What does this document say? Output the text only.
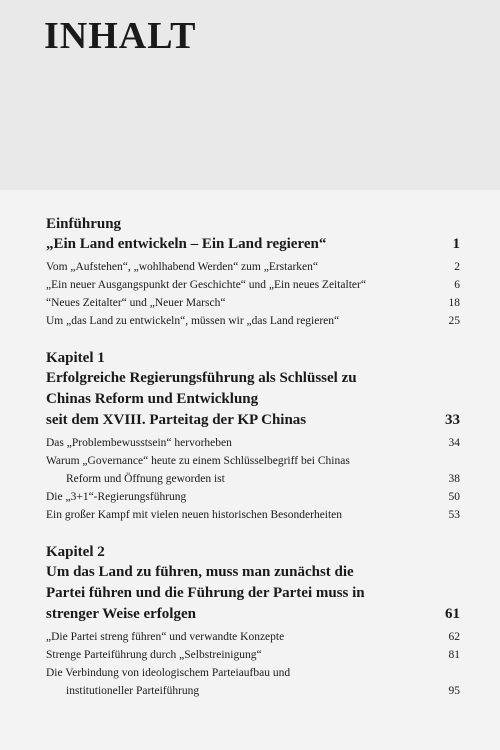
INHALT
Einführung
„Ein Land entwickeln – Ein Land regieren“	1
Vom „Aufstehen“, „wohlhabend Werden“ zum „Erstarken“	2
„Ein neuer Ausgangspunkt der Geschichte“ und „Ein neues Zeitalter“	6
“Neues Zeitalter“ und „Neuer Marsch“	18
Um „das Land zu entwickeln“, müssen wir „das Land regieren“	25
Kapitel 1
Erfolgreiche Regierungsführung als Schlüssel zu
Chinas Reform und Entwicklung
seit dem XVIII. Parteitag der KP Chinas	33
Das „Problembewusstsein“ hervorheben	34
Warum „Governance“ heute zu einem Schlüsselbegriff bei Chinas
Reform und Öffnung geworden ist	38
Die „3+1“-Regierungsführung	50
Ein großer Kampf mit vielen neuen historischen Besonderheiten	53
Kapitel 2
Um das Land zu führen, muss man zunächst die
Partei führen und die Führung der Partei muss in
strenger Weise erfolgen	61
„Die Partei streng führen“ und verwandte Konzepte	62
Strenge Parteiführung durch „Selbstreinigung“	81
Die Verbindung von ideologischem Parteiaufbau und
institutioneller Parteiführung	95
